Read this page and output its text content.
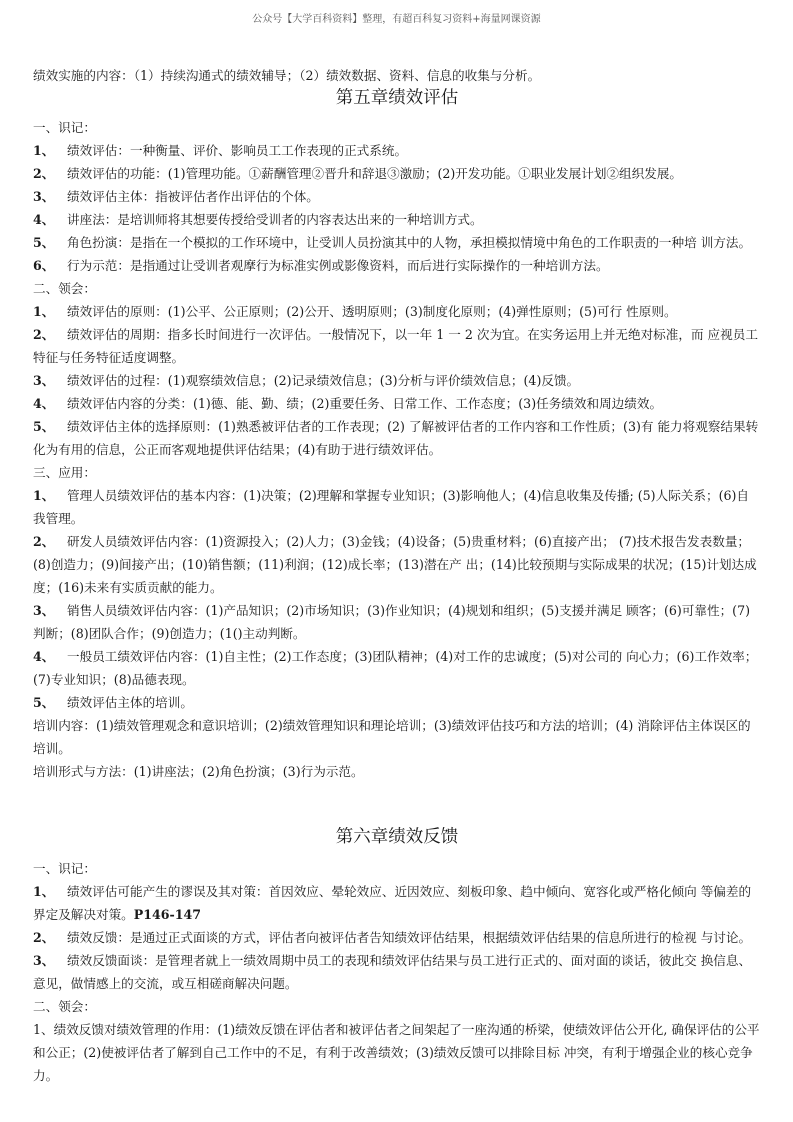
公众号【大学百科资料】整理，有超百科复习资料+海量网课资源

绩效实施的内容：（1）持续沟通式的绩效辅导；（2）绩效数据、资料、信息的收集与分析。

第五章绩效评估

一、识记：

1、 绩效评估：一种衡量、评价、影响员工工作表现的正式系统。

2、 绩效评估的功能：(1)管理功能。①薪酬管理②晋升和辞退③激励；(2)开发功能。①职业发展计划②组织发展。

3、 绩效评估主体：指被评估者作出评估的个体。

4、 讲座法：是培训师将其想要传授给受训者的内容表达出来的一种培训方式。

5、 角色扮演：是指在一个模拟的工作环境中，让受训人员扮演其中的人物，承担模拟情境中角色的工作职责的一种培 训方法。

6、 行为示范：是指通过让受训者观摩行为标准实例或影像资料，而后进行实际操作的一种培训方法。

二、领会：

1、 绩效评估的原则：(1)公平、公正原则；(2)公开、透明原则；(3)制度化原则；(4)弹性原则；(5)可行 性原则。

2、 绩效评估的周期：指多长时间进行一次评估。一般情况下，以一年 1 一 2 次为宜。在实务运用上并无绝对标准，而 应视员工特征与任务特征适度调整。

3、 绩效评估的过程：(1)观察绩效信息；(2)记录绩效信息；(3)分析与评价绩效信息；(4)反馈。

4、 绩效评估内容的分类：(1)德、能、勤、绩；(2)重要任务、日常工作、工作态度；(3)任务绩效和周边绩效。

5、 绩效评估主体的选择原则：(1)熟悉被评估者的工作表现；(2) 了解被评估者的工作内容和工作性质；(3)有 能力将观察结果转化为有用的信息，公正而客观地提供评估结果；(4)有助于进行绩效评估。

三、应用：

1、 管理人员绩效评估的基本内容：(1)决策；(2)理解和掌握专业知识；(3)影响他人；(4)信息收集及传播; (5)人际关系；(6)自我管理。

2、 研发人员绩效评估内容：(1)资源投入；(2)人力；(3)金钱；(4)设备；(5)贵重材料；(6)直接产出； (7)技术报告发表数量；(8)创造力；(9)间接产出；(10)销售额；(11)利润；(12)成长率；(13)潜在产 出；(14)比较预期与实际成果的状况；(15)计划达成度；(16)未来有实质贡献的能力。

3、 销售人员绩效评估内容：(1)产品知识；(2)市场知识；(3)作业知识；(4)规划和组织；(5)支援并满足 顾客；(6)可靠性；(7)判断；(8)团队合作；(9)创造力；(1()主动判断。

4、 一般员工绩效评估内容：(1)自主性；(2)工作态度；(3)团队精神；(4)对工作的忠诚度；(5)对公司的 向心力；(6)工作效率；(7)专业知识；(8)品德表现。

5、 绩效评估主体的培训。

培训内容：(1)绩效管理观念和意识培训；(2)绩效管理知识和理论培训；(3)绩效评估技巧和方法的培训；(4) 消除评估主体误区的培训。

培训形式与方法：(1)讲座法；(2)角色扮演；(3)行为示范。

第六章绩效反馈

一、识记：

1、 绩效评估可能产生的谬误及其对策：首因效应、晕轮效应、近因效应、刻板印象、趋中倾向、宽容化或严格化倾向 等偏差的界定及解决对策。P146-147

2、 绩效反馈：是通过正式面谈的方式，评估者向被评估者告知绩效评估结果，根据绩效评估结果的信息所进行的检视 与讨论。

3、 绩效反馈面谈：是管理者就上一绩效周期中员工的表现和绩效评估结果与员工进行正式的、面对面的谈话，彼此交 换信息、意见，做情感上的交流，或互相磋商解决问题。

二、领会：

1、绩效反馈对绩效管理的作用：(1)绩效反馈在评估者和被评估者之间架起了一座沟通的桥梁，使绩效评估公开化, 确保评估的公平和公正；(2)使被评估者了解到自己工作中的不足，有利于改善绩效；(3)绩效反馈可以排除目标 冲突，有利于增强企业的核心竞争力。
